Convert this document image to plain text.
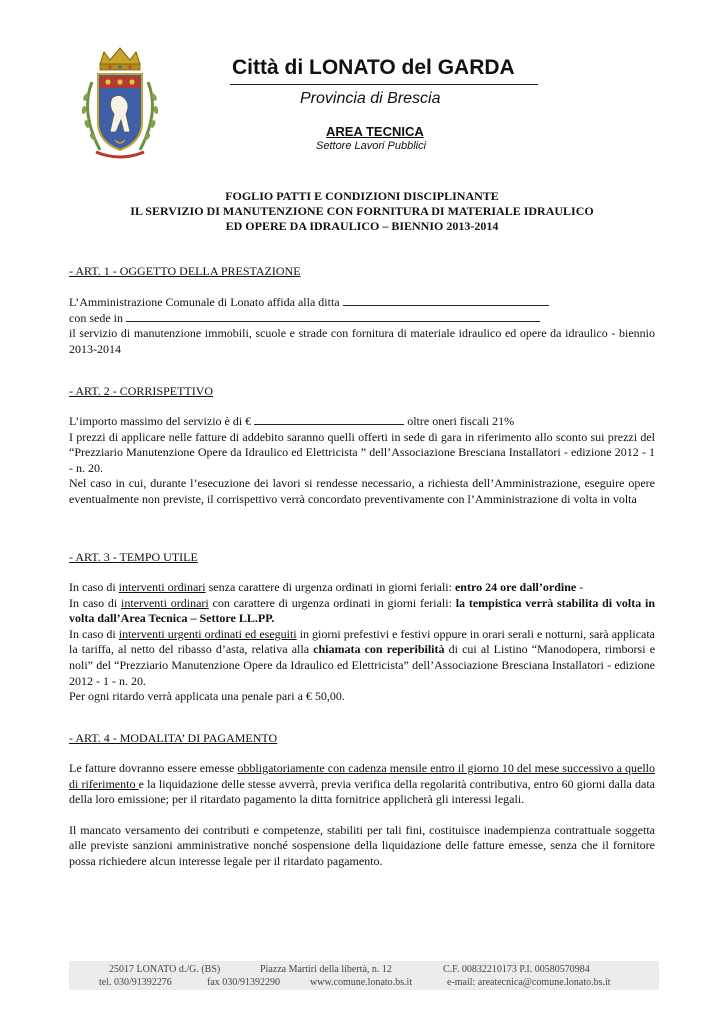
Città di LONATO del GARDA
Provincia di Brescia
AREA TECNICA
Settore Lavori Pubblici
FOGLIO PATTI E CONDIZIONI DISCIPLINANTE
IL SERVIZIO DI MANUTENZIONE CON FORNITURA DI MATERIALE IDRAULICO
ED OPERE DA IDRAULICO – BIENNIO 2013-2014
- ART. 1 - OGGETTO DELLA PRESTAZIONE
L’Amministrazione Comunale di Lonato affida alla ditta
con sede in
il servizio di manutenzione immobili, scuole e strade con fornitura di materiale idraulico ed opere da idraulico - biennio 2013-2014
- ART. 2 - CORRISPETTIVO
L’importo massimo del servizio è di €	oltre oneri fiscali 21%
I prezzi di applicare nelle fatture di addebito saranno quelli offerti in sede di gara in riferimento allo sconto sui prezzi del “Prezziario Manutenzione Opere da Idraulico ed Elettricista ” dell’Associazione Bresciana Installatori - edizione 2012 - 1 - n. 20.
Nel caso in cui, durante l’esecuzione dei lavori si rendesse necessario, a richiesta dell’Amministrazione, eseguire opere eventualmente non previste, il corrispettivo verrà concordato preventivamente con l’Amministrazione di volta in volta
- ART. 3 - TEMPO UTILE
In caso di interventi ordinari senza carattere di urgenza ordinati in giorni feriali: entro 24 ore dall’ordine -
In caso di interventi ordinari con carattere di urgenza ordinati in giorni feriali: la tempistica verrà stabilita di volta in volta dall’Area Tecnica – Settore LL.PP.
In caso di interventi urgenti ordinati ed eseguiti in giorni prefestivi e festivi oppure in orari serali e notturni, sarà applicata la tariffa, al netto del ribasso d’asta, relativa alla chiamata con reperibilità di cui al Listino “Manodopera, rimborsi e noli” del “Prezziario Manutenzione Opere da Idraulico ed Elettricista” dell’Associazione Bresciana Installatori - edizione 2012 - 1 - n. 20.
Per ogni ritardo verrà applicata una penale pari a € 50,00.
- ART. 4 - MODALITA’ DI PAGAMENTO
Le fatture dovranno essere emesse obbligatoriamente con cadenza mensile entro il giorno 10 del mese successivo a quello di riferimento e la liquidazione delle stesse avverrà, previa verifica della regolarità contributiva, entro 60 giorni dalla data della loro emissione; per il ritardato pagamento la ditta fornitrice applicherà gli interessi legali.
Il mancato versamento dei contributi e competenze, stabiliti per tali fini, costituisce inadempienza contrattuale soggetta alle previste sanzioni amministrative nonché sospensione della liquidazione delle fatture emesse, senza che il fornitore possa richiedere alcun interesse legale per il ritardato pagamento.
25017 LONATO d./G. (BS)	Piazza Martiri della libertà, n. 12	C.F. 00832210173 P.I. 00580570984
tel. 030/91392276	fax 030/91392290	www.comune.lonato.bs.it	e-mail: areatecnica@comune.lonato.bs.it
